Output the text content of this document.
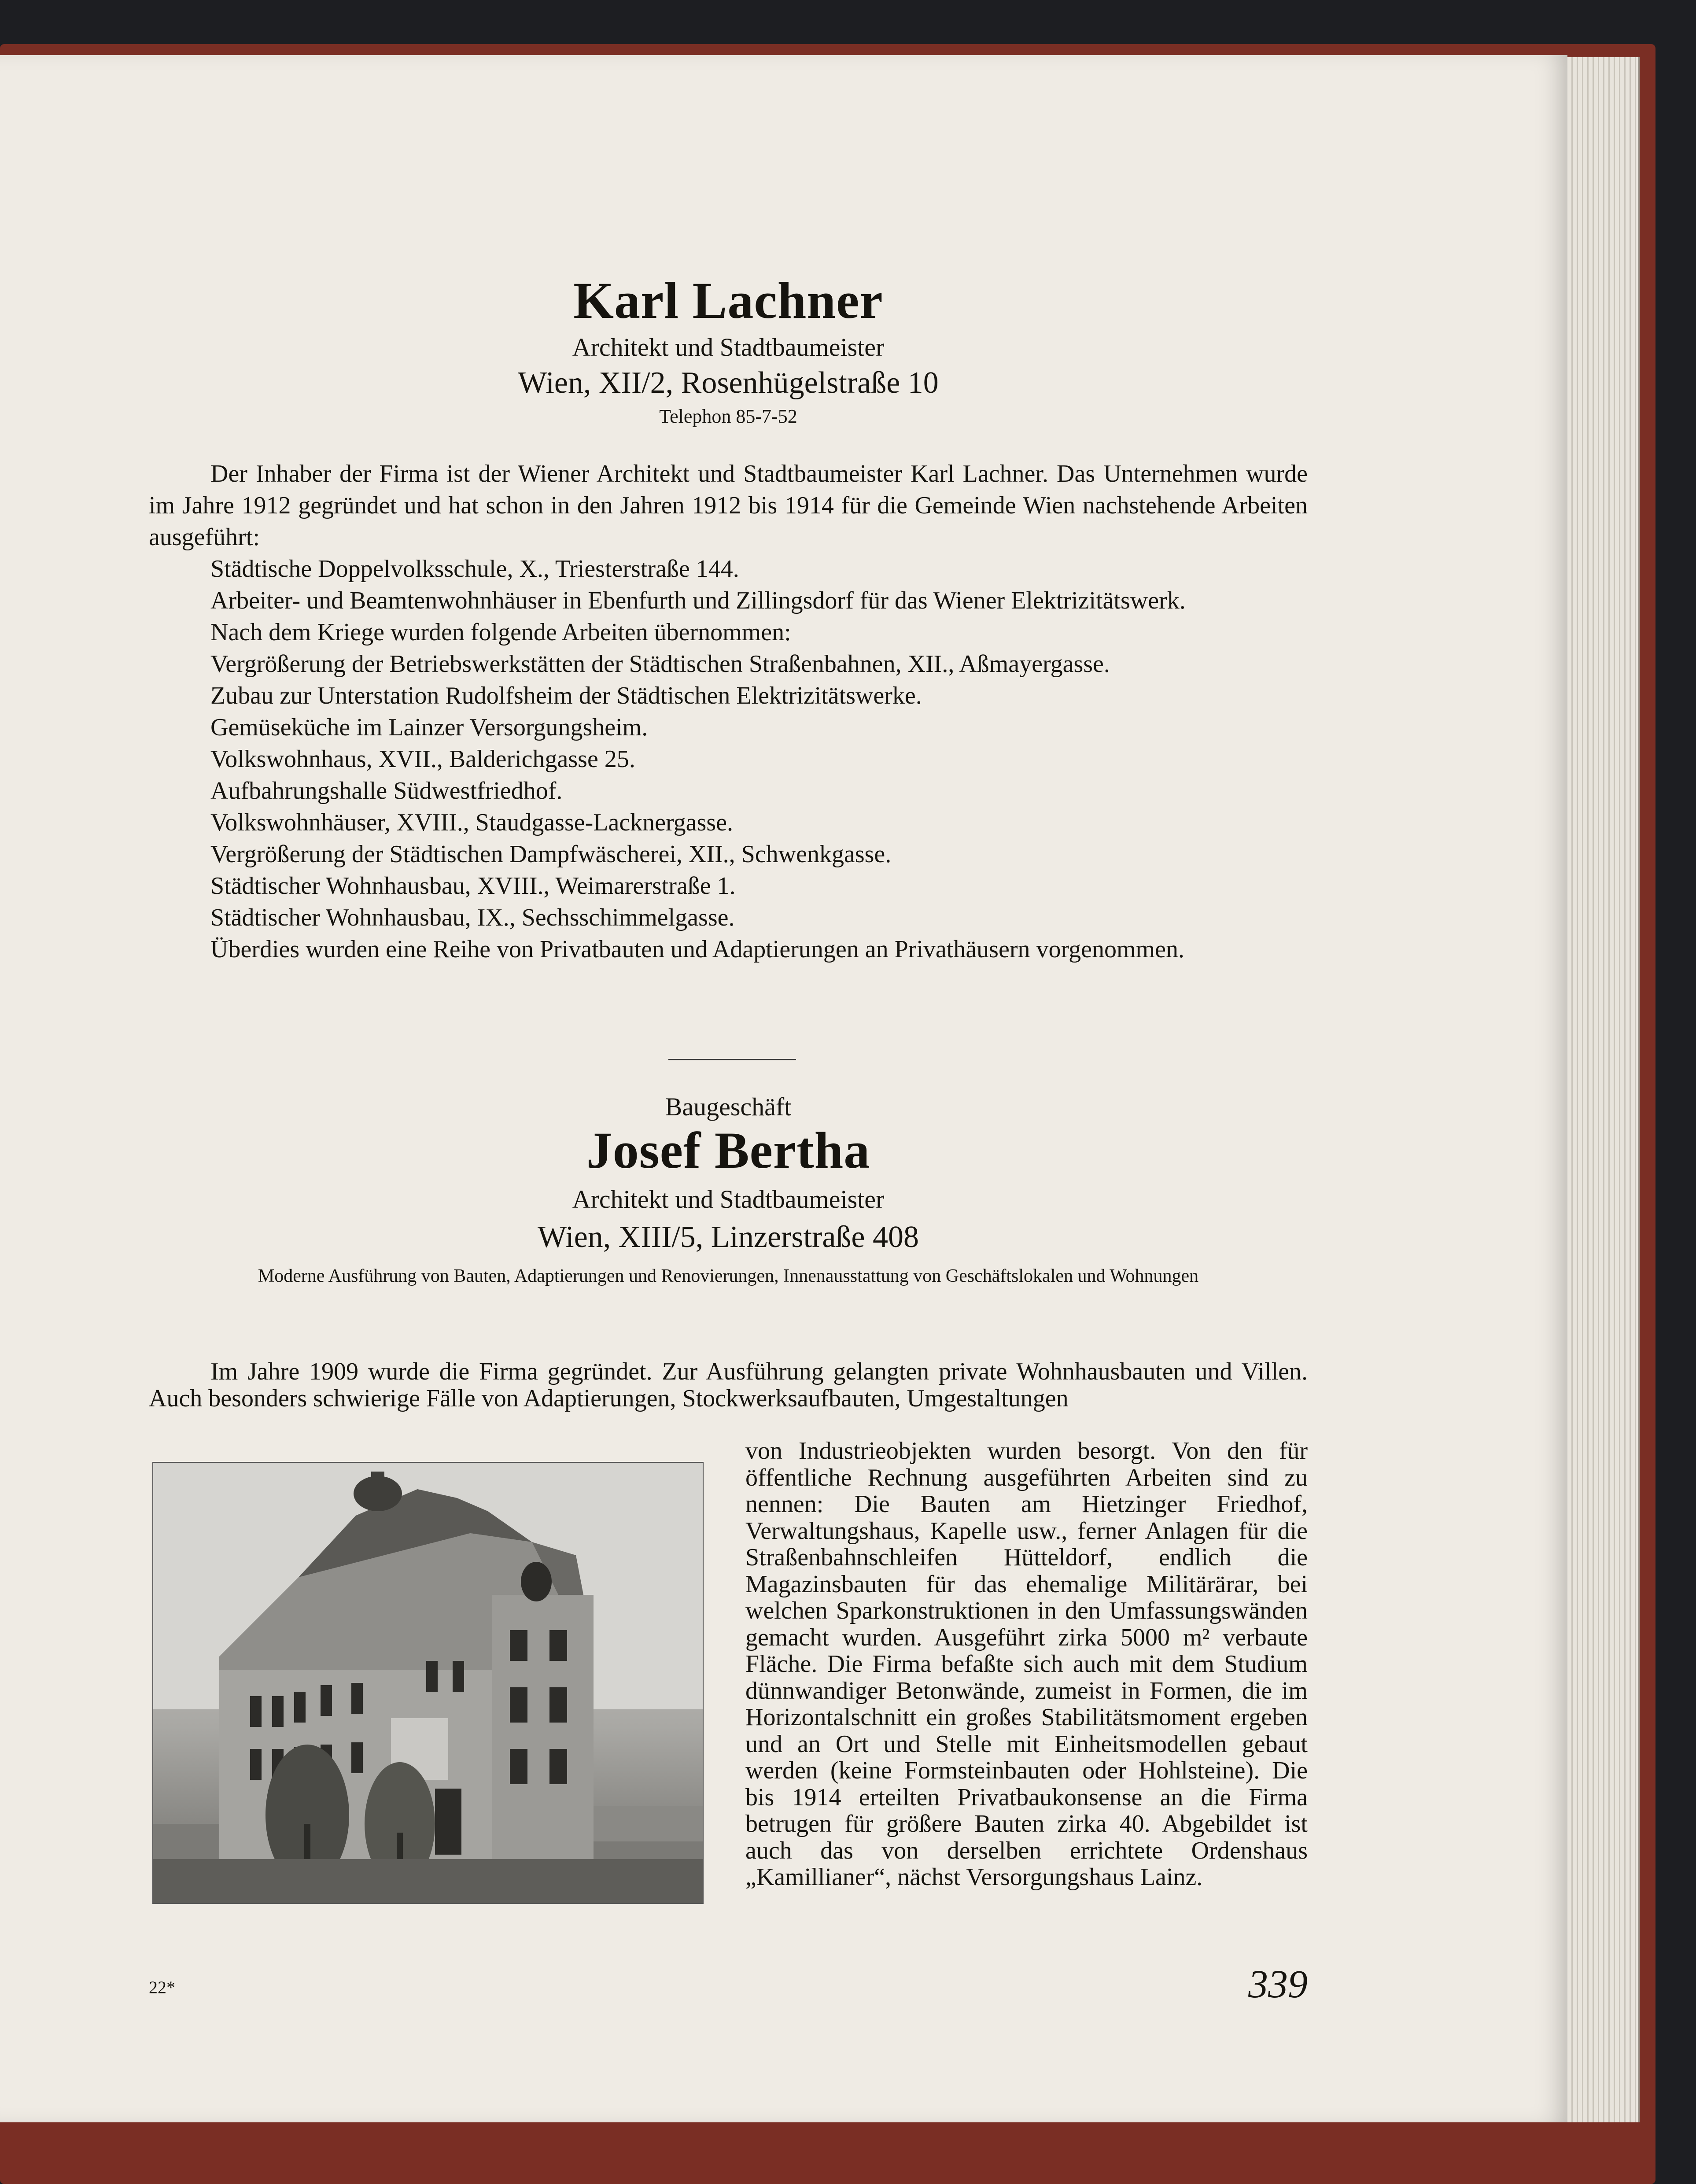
Karl Lachner
Architekt und Stadtbaumeister
Wien, XII/2, Rosenhügelstraße 10
Telephon 85-7-52
Der Inhaber der Firma ist der Wiener Architekt und Stadtbaumeister Karl Lachner. Das Unternehmen wurde im Jahre 1912 gegründet und hat schon in den Jahren 1912 bis 1914 für die Gemeinde Wien nachstehende Arbeiten ausgeführt:
Städtische Doppelvolksschule, X., Triesterstraße 144.
Arbeiter- und Beamtenwohnhäuser in Ebenfurth und Zillingsdorf für das Wiener Elektrizitätswerk.
Nach dem Kriege wurden folgende Arbeiten übernommen:
Vergrößerung der Betriebswerkstätten der Städtischen Straßenbahnen, XII., Aßmayergasse.
Zubau zur Unterstation Rudolfsheim der Städtischen Elektrizitätswerke.
Gemüseküche im Lainzer Versorgungsheim.
Volkswohnhaus, XVII., Balderichgasse 25.
Aufbahrungshalle Südwestfriedhof.
Volkswohnhäuser, XVIII., Staudgasse-Lacknergasse.
Vergrößerung der Städtischen Dampfwäscherei, XII., Schwenkgasse.
Städtischer Wohnhausbau, XVIII., Weimarerstraße 1.
Städtischer Wohnhausbau, IX., Sechsschimmelgasse.
Überdies wurden eine Reihe von Privatbauten und Adaptierungen an Privathäusern vorgenommen.
Baugeschäft
Josef Bertha
Architekt und Stadtbaumeister
Wien, XIII/5, Linzerstraße 408
Moderne Ausführung von Bauten, Adaptierungen und Renovierungen, Innenausstattung von Geschäftslokalen und Wohnungen
Im Jahre 1909 wurde die Firma gegründet. Zur Ausführung gelangten private Wohnhausbauten und Villen. Auch besonders schwierige Fälle von Adaptierungen, Stockwerksaufbauten, Umgestaltungen
von Industrieobjekten wurden besorgt. Von den für öffentliche Rechnung ausgeführten Arbeiten sind zu nennen: Die Bauten am Hietzinger Friedhof, Verwaltungshaus, Kapelle usw., ferner Anlagen für die Straßenbahnschleifen Hütteldorf, endlich die Magazinsbauten für das ehemalige Militärärar, bei welchen Sparkonstruktionen in den Umfassungswänden gemacht wurden. Ausgeführt zirka 5000 m² verbaute Fläche. Die Firma befaßte sich auch mit dem Studium dünnwandiger Betonwände, zumeist in Formen, die im Horizontalschnitt ein großes Stabilitätsmoment ergeben und an Ort und Stelle mit Einheitsmodellen gebaut werden (keine Formsteinbauten oder Hohlsteine). Die bis 1914 erteilten Privatbaukonsense an die Firma betrugen für größere Bauten zirka 40. Abgebildet ist auch das von derselben errichtete Ordenshaus „Kamillianer“, nächst Versorgungshaus Lainz.
22*	339
